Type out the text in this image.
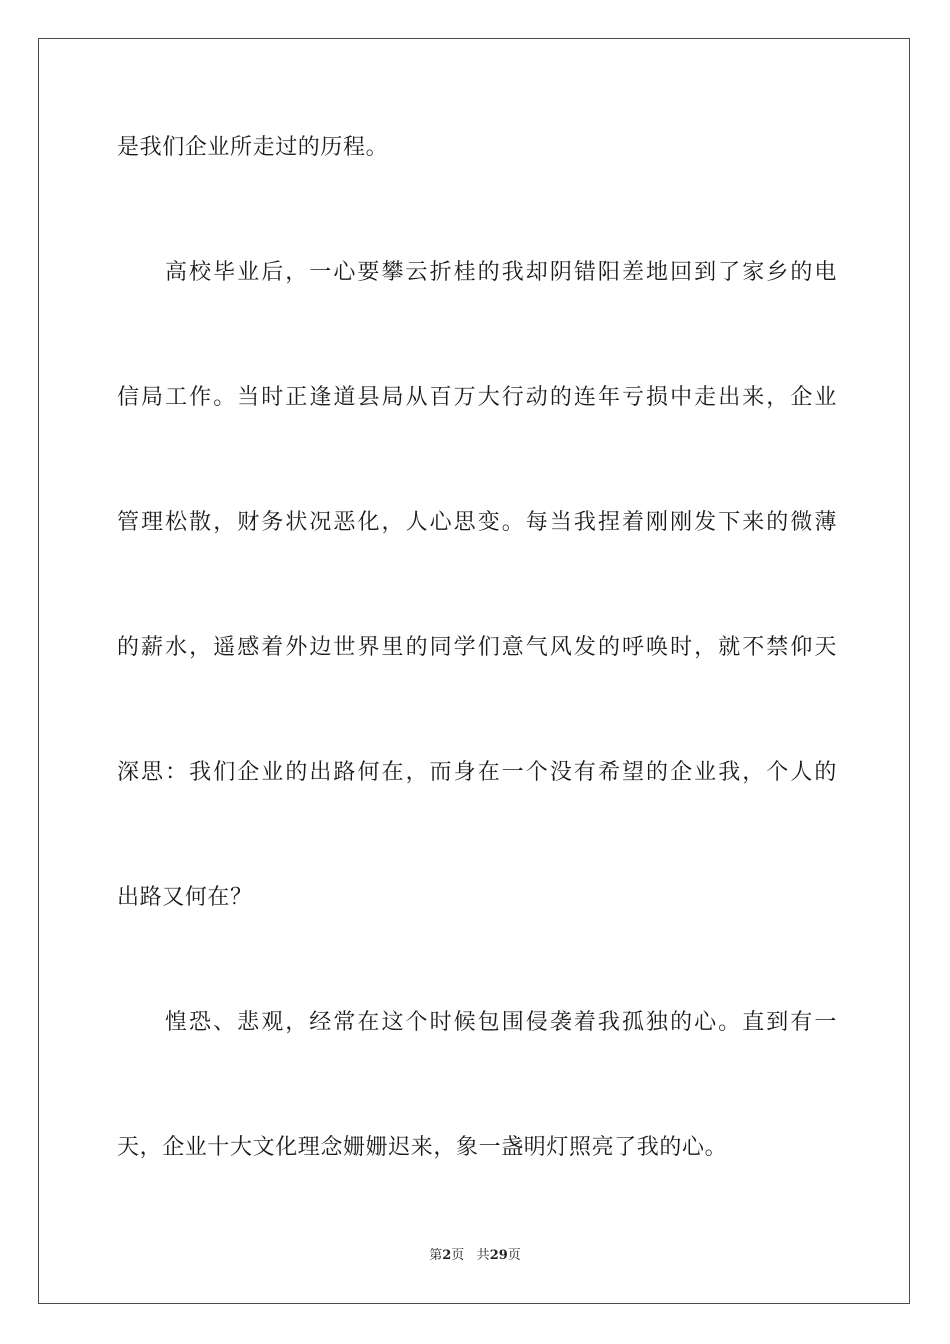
是我们企业所走过的历程。
高校毕业后，一心要攀云折桂的我却阴错阳差地回到了家乡的电
信局工作。当时正逢道县局从百万大行动的连年亏损中走出来，企业
管理松散，财务状况恶化，人心思变。每当我捏着刚刚发下来的微薄
的薪水，遥感着外边世界里的同学们意气风发的呼唤时，就不禁仰天
深思：我们企业的出路何在，而身在一个没有希望的企业我，个人的
出路又何在？
惶恐、悲观，经常在这个时候包围侵袭着我孤独的心。直到有一
天，企业十大文化理念姗姗迟来，象一盏明灯照亮了我的心。
第2页 共29页
